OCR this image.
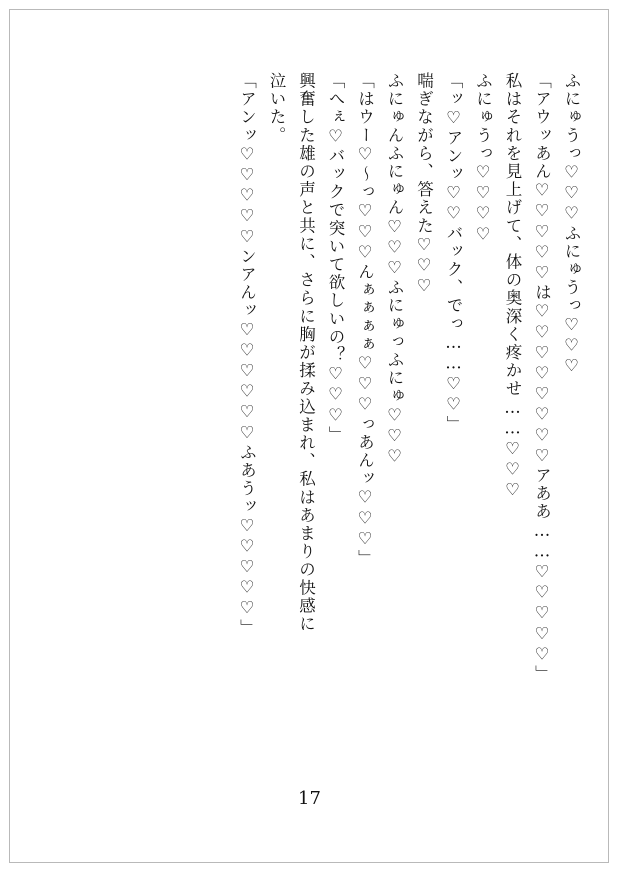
ふにゅうっ♡♡♡ふにゅうっ♡♡♡
「アウッあん♡♡♡♡♡は♡♡♡♡♡♡♡♡アああ……♡♡♡♡♡」
私はそれを見上げて、体の奥深く疼かせ……♡♡♡
ふにゅうっ♡♡♡♡
「ッ♡アンッ♡♡バック、でっ……♡♡」
喘ぎながら、答えた♡♡♡
ふにゅんふにゅん♡♡♡ふにゅっふにゅ♡♡♡
「はウー♡～っ♡♡♡んぁぁぁぁ♡♡♡っあんッ♡♡♡」
「へぇ♡バックで突いて欲しいの？♡♡♡」
興奮した雄の声と共に、さらに胸が揉み込まれ、私はあまりの快感に
泣いた。
「アンッ♡♡♡♡♡ンアんッ♡♡♡♡♡♡ふあうッ♡♡♡♡♡」
17
